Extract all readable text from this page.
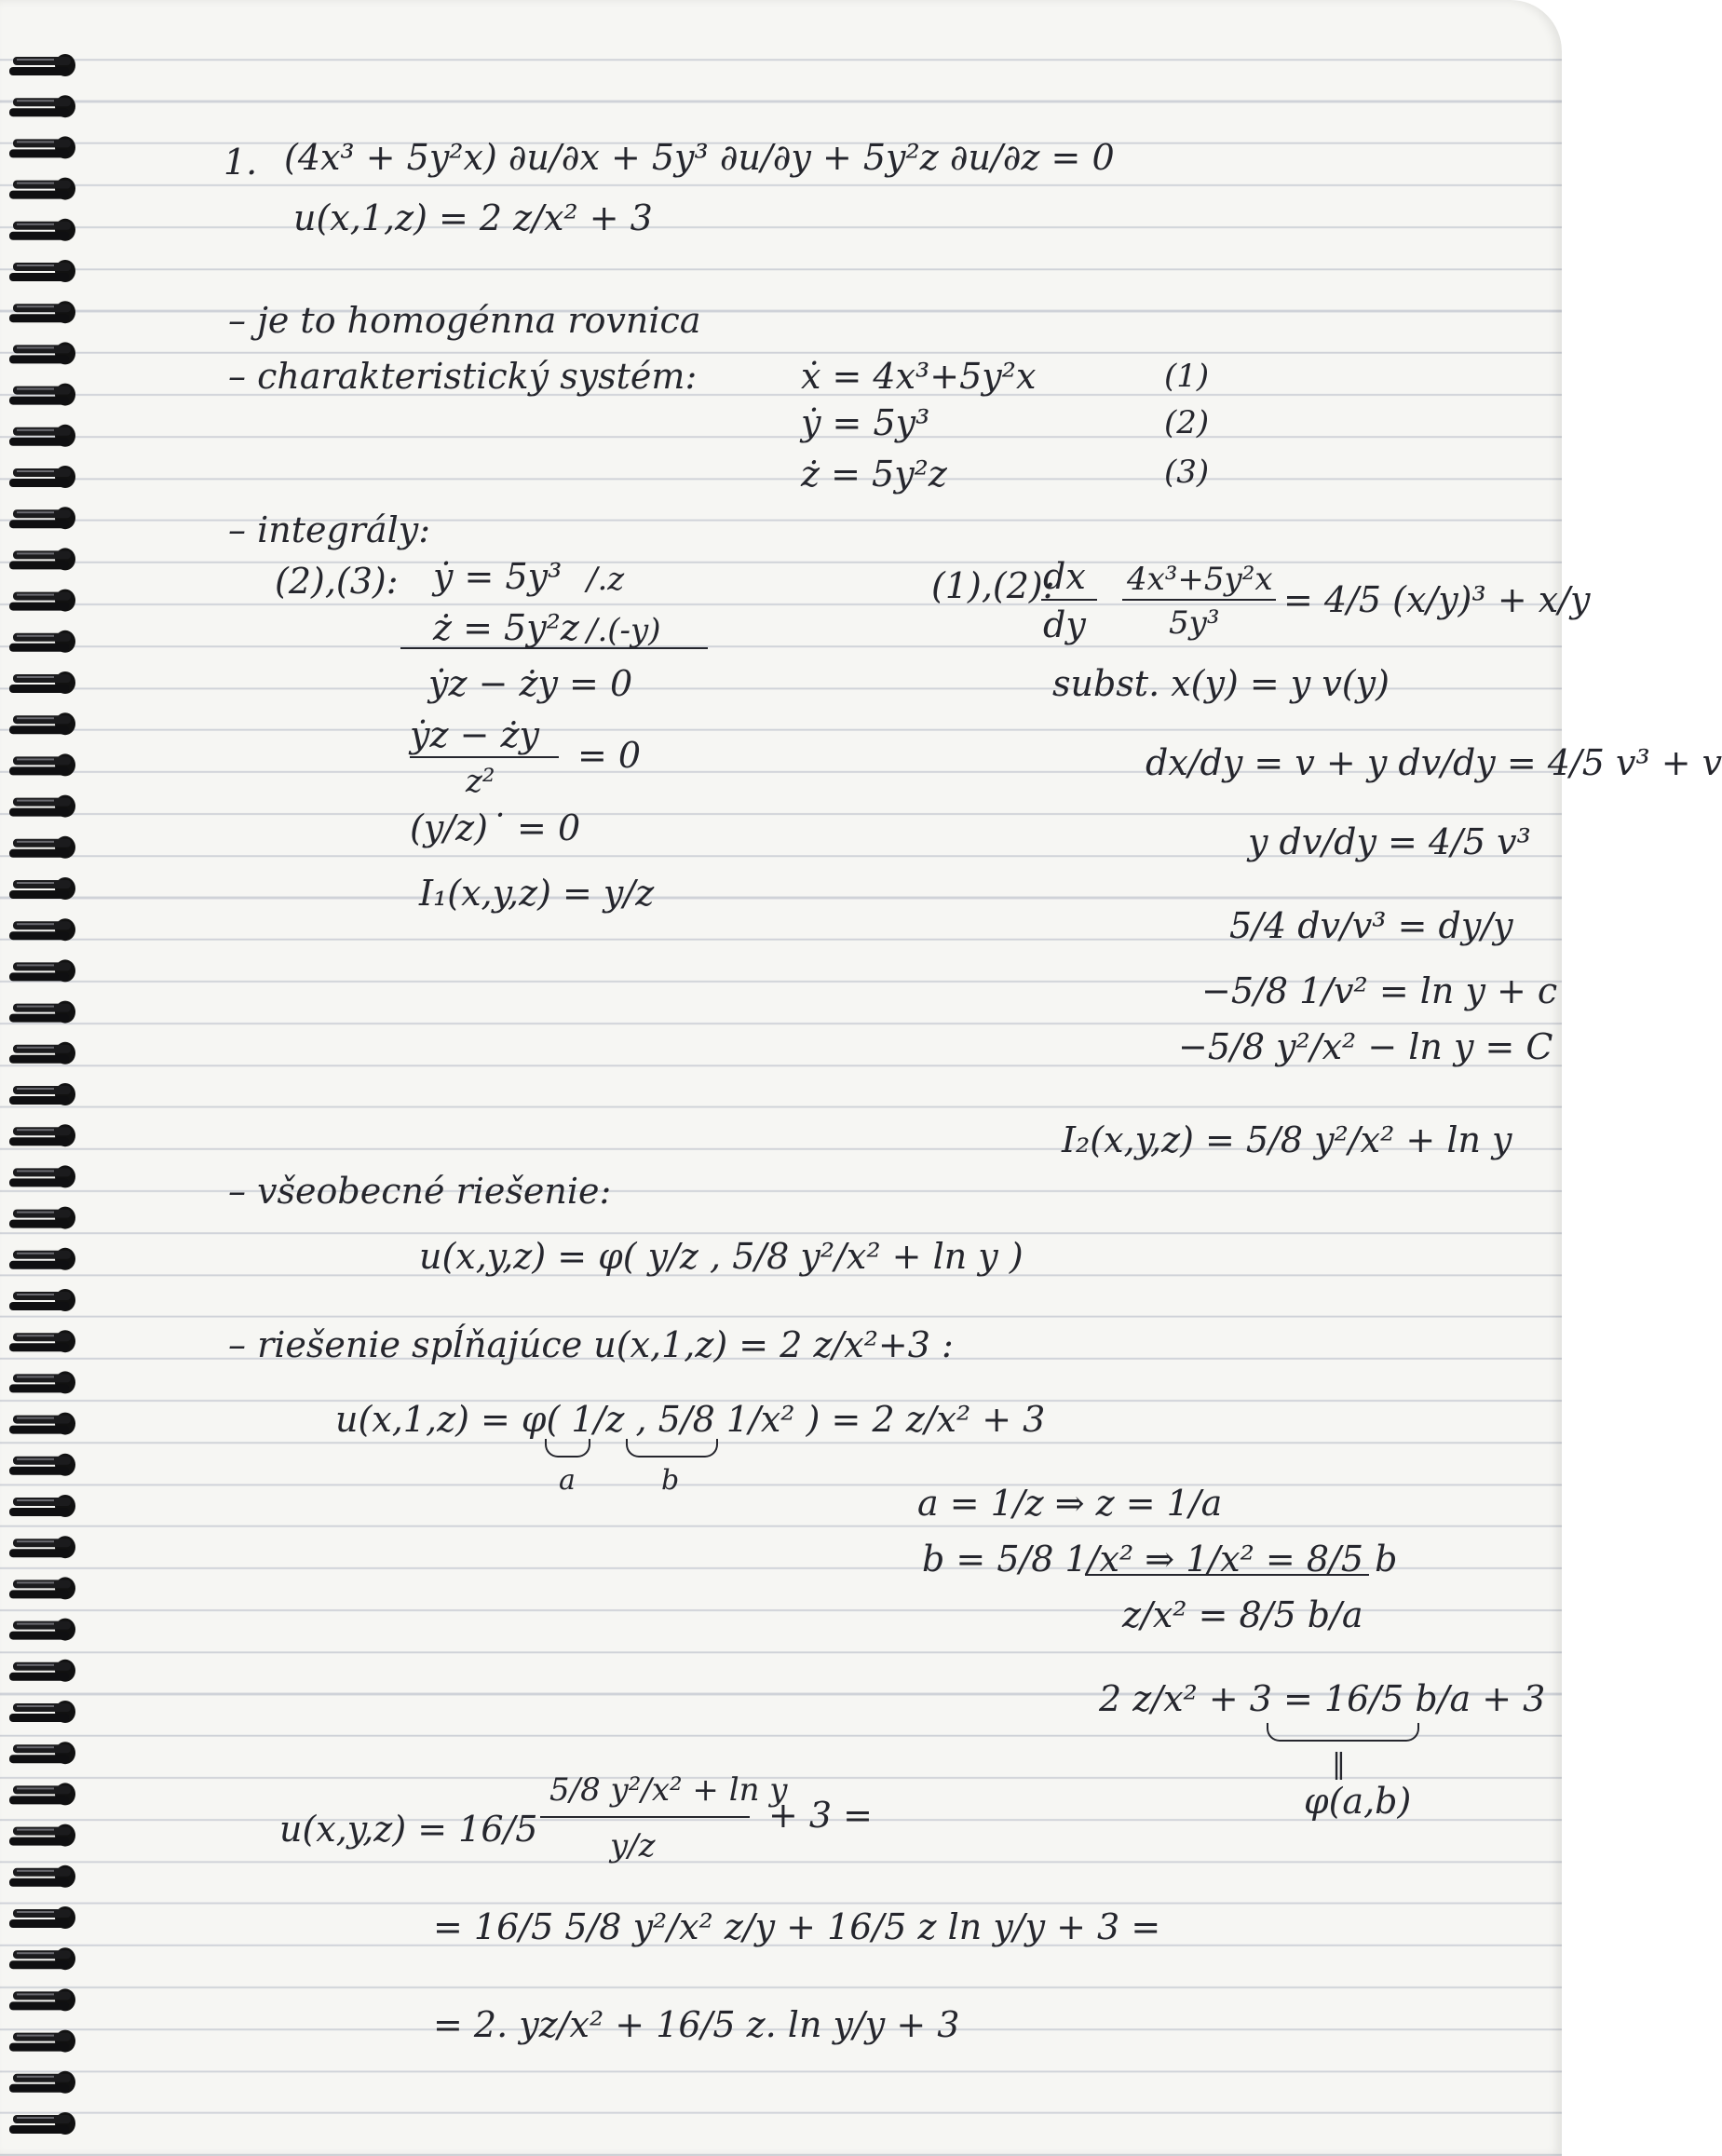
1. (4x³ + 5y²x) ∂u/∂x + 5y³ ∂u/∂y + 5y²z ∂u/∂z = 0
u(x,1,z) = 2 z/x² + 3
– je to homogénna rovnica
– charakteristický systém:	ẋ = 4x³+5y²x	(1)
ẏ = 5y³	(2)
ż = 5y²z	(3)
– integrály:
(2),(3): ẏ = 5y³ /.z
ż = 5y²z /.(-y)
ẏz − ży = 0
ẏz − ży
z²
= 0
(y/z)˙ = 0
I₁(x,y,z) = y/z
(1),(2):
dx
dy
4x³+5y²x
5y³
= 4/5 (x/y)³ + x/y
subst. x(y) = y v(y)
dx/dy = v + y dv/dy = 4/5 v³ + v
y dv/dy = 4/5 v³
5/4 dv/v³ = dy/y
−5/8 1/v² = ln y + c
−5/8 y²/x² − ln y = C
I₂(x,y,z) = 5/8 y²/x² + ln y
– všeobecné riešenie:
u(x,y,z) = φ( y/z , 5/8 y²/x² + ln y )
– riešenie spĺňajúce u(x,1,z) = 2 z/x²+3 :
u(x,1,z) = φ( 1/z , 5/8 1/x² ) = 2 z/x² + 3
a	b
a = 1/z ⇒ z = 1/a
b = 5/8 1/x² ⇒ 1/x² = 8/5 b
z/x² = 8/5 b/a
2 z/x² + 3 = 16/5 b/a + 3
‖
φ(a,b)
u(x,y,z) = 16/5
5/8 y²/x² + ln y
y/z
+ 3 =
= 16/5 5/8 y²/x² z/y + 16/5 z ln y/y + 3 =
= 2. yz/x² + 16/5 z. ln y/y + 3
